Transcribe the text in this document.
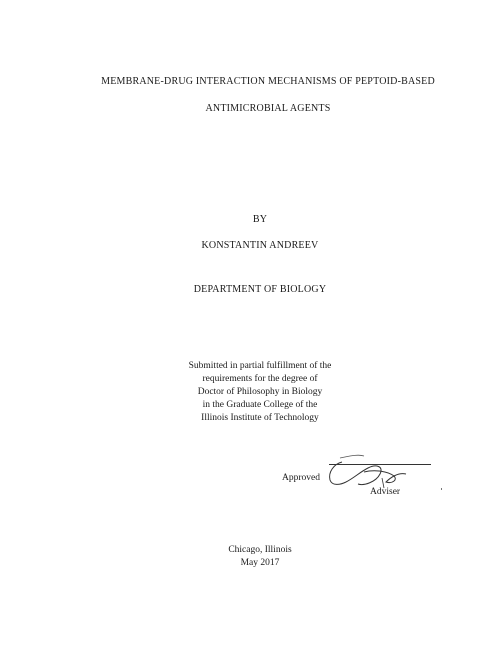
MEMBRANE-DRUG INTERACTION MECHANISMS OF PEPTOID-BASED
ANTIMICROBIAL AGENTS
BY
KONSTANTIN ANDREEV
DEPARTMENT OF BIOLOGY
Submitted in partial fulfillment of the
requirements for the degree of
Doctor of Philosophy in Biology
in the Graduate College of the
Illinois Institute of Technology
Approved
Adviser
Chicago, Illinois
May 2017
